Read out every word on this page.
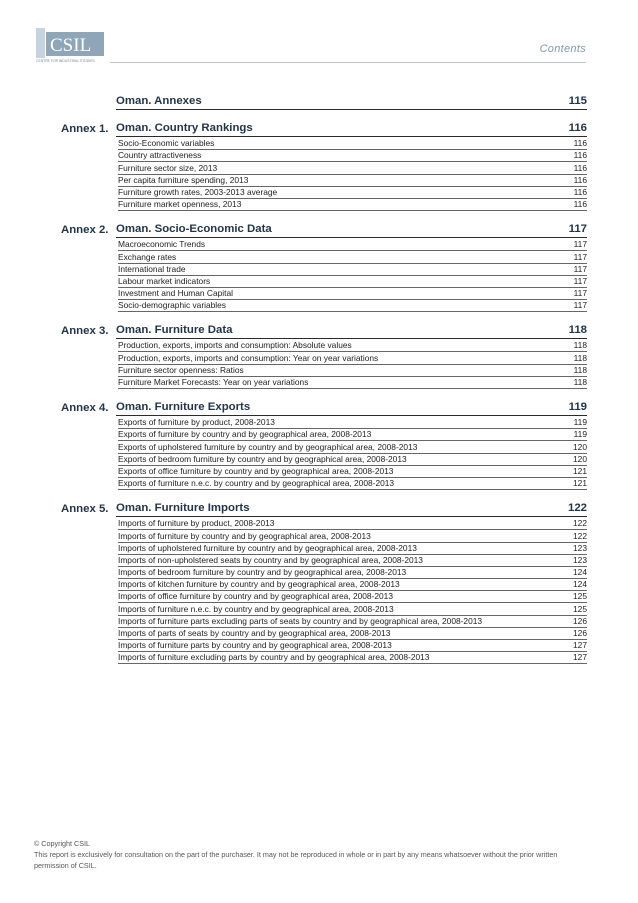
CSIL
CENTRE FOR INDUSTRIAL STUDIES
Contents
Oman. Annexes	115
Annex 1. Oman. Country Rankings	116
Socio-Economic variables	116
Country attractiveness	116
Furniture sector size, 2013	116
Per capita furniture spending, 2013	116
Furniture growth rates, 2003-2013 average	116
Furniture market openness, 2013	116
Annex 2. Oman. Socio-Economic Data	117
Macroeconomic Trends	117
Exchange rates	117
International trade	117
Labour market indicators	117
Investment and Human Capital	117
Socio-demographic variables	117
Annex 3. Oman. Furniture Data	118
Production, exports, imports and consumption: Absolute values	118
Production, exports, imports and consumption: Year on year variations	118
Furniture sector openness: Ratios	118
Furniture Market Forecasts: Year on year variations	118
Annex 4. Oman. Furniture Exports	119
Exports of furniture by product, 2008-2013	119
Exports of furniture by country and by geographical area, 2008-2013	119
Exports of upholstered furniture by country and by geographical area, 2008-2013	120
Exports of bedroom furniture by country and by geographical area, 2008-2013	120
Exports of office furniture by country and by geographical area, 2008-2013	121
Exports of furniture n.e.c. by country and by geographical area, 2008-2013	121
Annex 5. Oman. Furniture Imports	122
Imports of furniture by product, 2008-2013	122
Imports of furniture by country and by geographical area, 2008-2013	122
Imports of upholstered furniture by country and by geographical area, 2008-2013	123
Imports of non-upholstered seats by country and by geographical area, 2008-2013	123
Imports of bedroom furniture by country and by geographical area, 2008-2013	124
Imports of kitchen furniture by country and by geographical area, 2008-2013	124
Imports of office furniture by country and by geographical area, 2008-2013	125
Imports of furniture n.e.c. by country and by geographical area, 2008-2013	125
Imports of furniture parts excluding parts of seats by country and by geographical area, 2008-2013	126
Imports of parts of seats by country and by geographical area, 2008-2013	126
Imports of furniture parts by country and by geographical area, 2008-2013	127
Imports of furniture excluding parts by country and by geographical area, 2008-2013	127
© Copyright CSIL
This report is exclusively for consultation on the part of the purchaser. It may not be reproduced in whole or in part by any means whatsoever without the prior written permission of CSIL.
